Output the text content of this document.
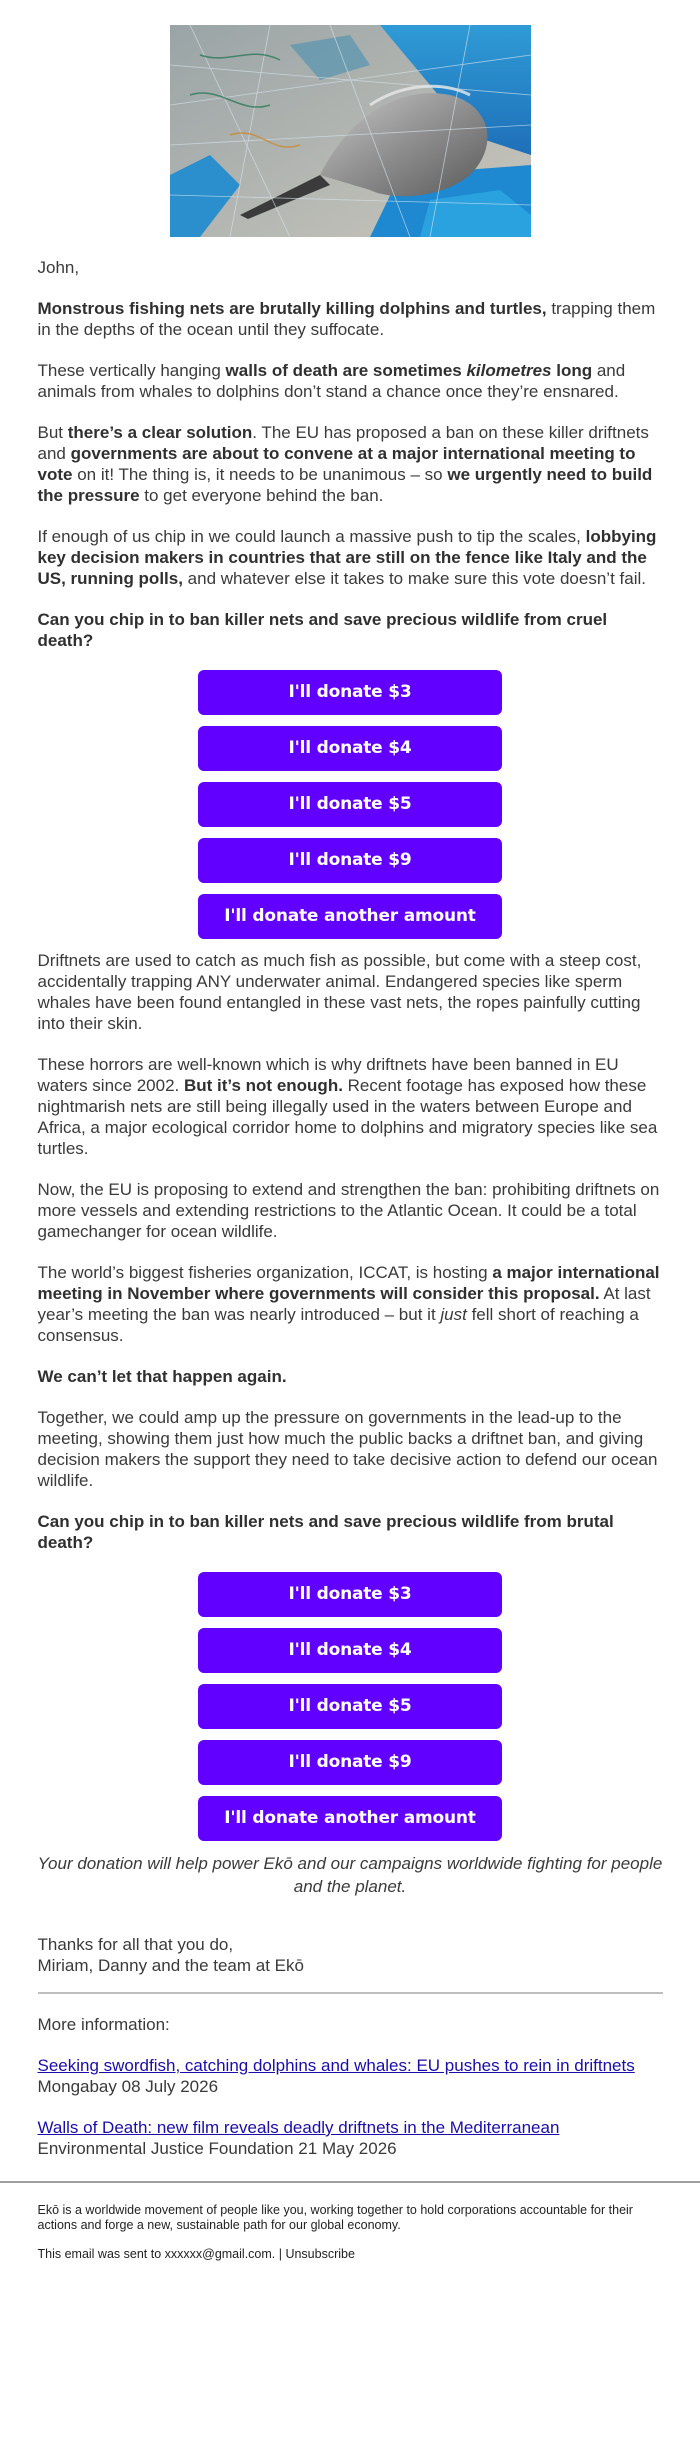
John,

Monstrous fishing nets are brutally killing dolphins and turtles, trapping them in the depths of the ocean until they suffocate.

These vertically hanging walls of death are sometimes kilometres long and animals from whales to dolphins don’t stand a chance once they’re ensnared.

But there’s a clear solution. The EU has proposed a ban on these killer driftnets and governments are about to convene at a major international meeting to vote on it! The thing is, it needs to be unanimous – so we urgently need to build the pressure to get everyone behind the ban.

If enough of us chip in we could launch a massive push to tip the scales, lobbying key decision makers in countries that are still on the fence like Italy and the US, running polls, and whatever else it takes to make sure this vote doesn’t fail.

Can you chip in to ban killer nets and save precious wildlife from cruel death?
I'll donate $3
I'll donate $4
I'll donate $5
I'll donate $9
I'll donate another amount

Driftnets are used to catch as much fish as possible, but come with a steep cost, accidentally trapping ANY underwater animal. Endangered species like sperm whales have been found entangled in these vast nets, the ropes painfully cutting into their skin.

These horrors are well-known which is why driftnets have been banned in EU waters since 2002. But it’s not enough. Recent footage has exposed how these nightmarish nets are still being illegally used in the waters between Europe and Africa, a major ecological corridor home to dolphins and migratory species like sea turtles.

Now, the EU is proposing to extend and strengthen the ban: prohibiting driftnets on more vessels and extending restrictions to the Atlantic Ocean. It could be a total gamechanger for ocean wildlife.

The world’s biggest fisheries organization, ICCAT, is hosting a major international meeting in November where governments will consider this proposal. At last year’s meeting the ban was nearly introduced – but it just fell short of reaching a consensus.

We can’t let that happen again.

Together, we could amp up the pressure on governments in the lead-up to the meeting, showing them just how much the public backs a driftnet ban, and giving decision makers the support they need to take decisive action to defend our ocean wildlife.

Can you chip in to ban killer nets and save precious wildlife from brutal death?
I'll donate $3
I'll donate $4
I'll donate $5
I'll donate $9
I'll donate another amount
Your donation will help power Ekō and our campaigns worldwide fighting for people and the planet.

Thanks for all that you do,
Miriam, Danny and the team at Ekō

More information:

Seeking swordfish, catching dolphins and whales: EU pushes to rein in driftnets
Mongabay 08 July 2026

Walls of Death: new film reveals deadly driftnets in the Mediterranean
Environmental Justice Foundation 21 May 2026

Ekō is a worldwide movement of people like you, working together to hold corporations accountable for their actions and forge a new, sustainable path for our global economy.

This email was sent to xxxxxx@gmail.com. | Unsubscribe
